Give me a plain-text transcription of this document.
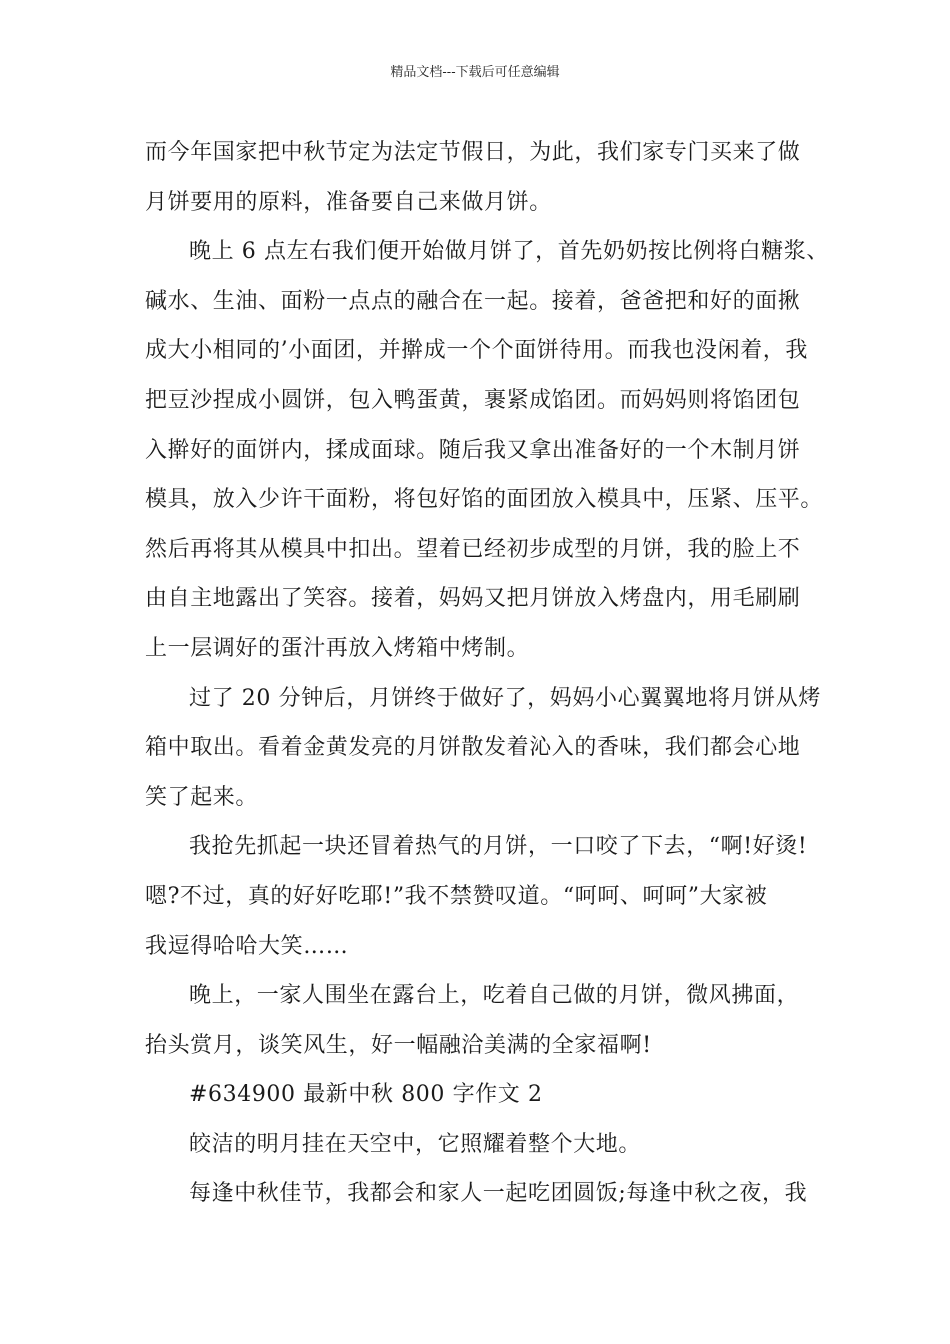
精品文档---下载后可任意编辑
而今年国家把中秋节定为法定节假日，为此，我们家专门买来了做
月饼要用的原料，准备要自己来做月饼。
晚上 6 点左右我们便开始做月饼了，首先奶奶按比例将白糖浆、
碱水、生油、面粉一点点的融合在一起。接着，爸爸把和好的面揪
成大小相同的’小面团，并擀成一个个面饼待用。而我也没闲着，我
把豆沙捏成小圆饼，包入鸭蛋黄，裹紧成馅团。而妈妈则将馅团包
入擀好的面饼内，揉成面球。随后我又拿出准备好的一个木制月饼
模具，放入少许干面粉，将包好馅的面团放入模具中，压紧、压平。
然后再将其从模具中扣出。望着已经初步成型的月饼，我的脸上不
由自主地露出了笑容。接着，妈妈又把月饼放入烤盘内，用毛刷刷
上一层调好的蛋汁再放入烤箱中烤制。
过了 20 分钟后，月饼终于做好了，妈妈小心翼翼地将月饼从烤
箱中取出。看着金黄发亮的月饼散发着沁入的香味，我们都会心地
笑了起来。
我抢先抓起一块还冒着热气的月饼，一口咬了下去，“啊!好烫!
嗯?不过，真的好好吃耶!”我不禁赞叹道。“呵呵、呵呵”大家被
我逗得哈哈大笑……
晚上，一家人围坐在露台上，吃着自己做的月饼，微风拂面，
抬头赏月，谈笑风生，好一幅融洽美满的全家福啊!
#634900 最新中秋 800 字作文 2
皎洁的明月挂在天空中，它照耀着整个大地。
每逢中秋佳节，我都会和家人一起吃团圆饭;每逢中秋之夜，我
